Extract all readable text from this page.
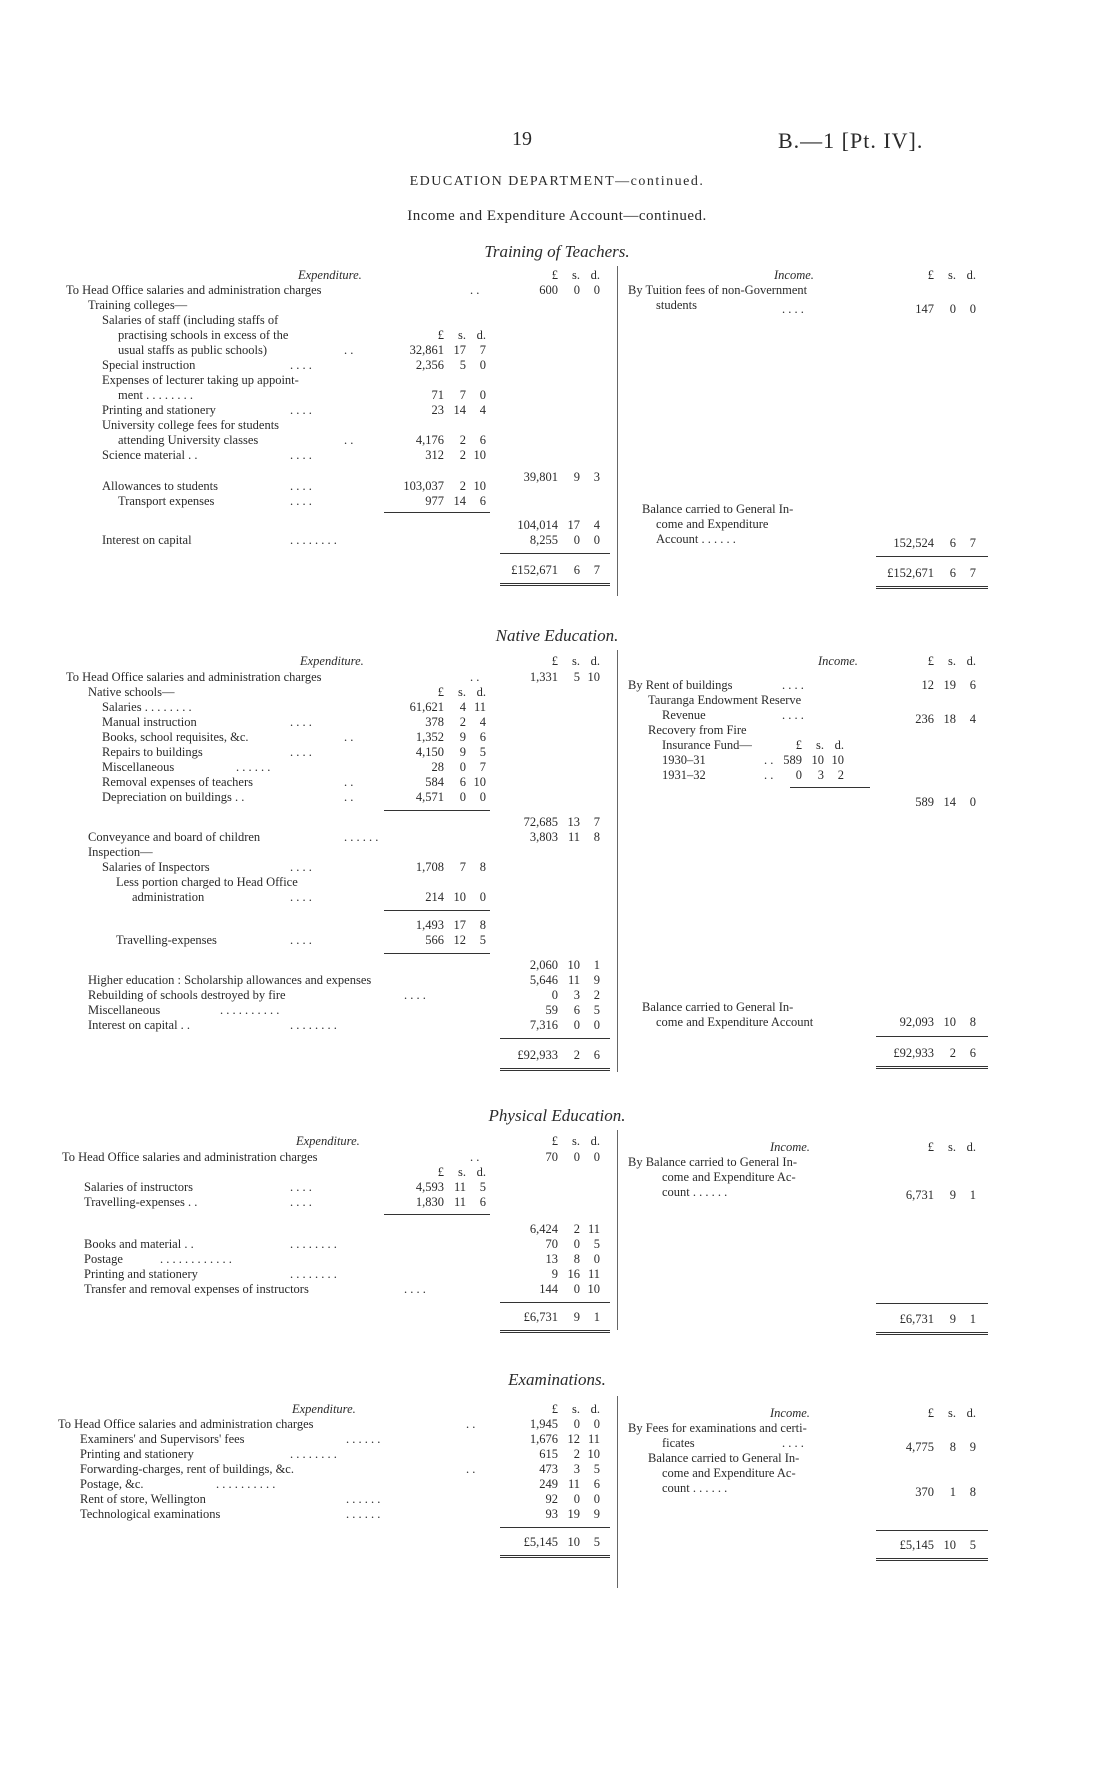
19	B.—1 [Pt. IV].
EDUCATION DEPARTMENT—continued.
Income and Expenditure Account—continued.
Training of Teachers.
Expenditure.	Income.
£	s. d.	£	s. d.
To Head Office salaries and administration charges	. .	600	0	0
Training colleges—
Salaries of staff (including staffs of
practising schools in excess of the	£	s. d.
usual staffs as public schools)	. .	32,861 17	7
Special instruction	. . . .	2,356	5	0
Expenses of lecturer taking up appoint-
ment . . . . . . . .	71	7	0
Printing and stationery	. . . .	23 14	4
University college fees for students
attending University classes	. .	4,176	2	6
Science material . .	. . . .	312	2 10
39,801	9	3
Allowances to students	. . . .	103,037	2 10
Transport expenses	. . . .	977 14	6
104,014 17	4
Interest on capital	. . . . . . . .	8,255	0	0
£152,671	6	7
By Tuition fees of non-Government
students	. . . .	147	0	0
Balance carried to General In-
come and Expenditure
Account . . . . . .	152,524	6	7
£152,671	6	7
Native Education.
Expenditure.	Income.
£	s. d.	£	s. d.
To Head Office salaries and administration charges	. .	1,331	5 10
Native schools—	£	s. d.
Salaries . . . . . . . .	61,621	4 11
Manual instruction	. . . .	378	2	4
Books, school requisites, &c.	. .	1,352	9	6
Repairs to buildings	. . . .	4,150	9	5
Miscellaneous	. . . . . .	28	0	7
Removal expenses of teachers	. .	584	6 10
Depreciation on buildings . .	. .	4,571	0	0
72,685 13	7
Conveyance and board of children	. . . . . .	3,803 11	8
Inspection—
Salaries of Inspectors	. . . .	1,708	7	8
Less portion charged to Head Office
administration	. . . .	214 10	0
1,493 17	8
Travelling-expenses	. . . .	566 12	5
2,060 10	1
Higher education : Scholarship allowances and expenses	5,646 11	9
Rebuilding of schools destroyed by fire	. . . .	0	3	2
Miscellaneous	. . . . . . . . . .	59	6	5
Interest on capital . .	. . . . . . . .	7,316	0	0
£92,933	2	6
By Rent of buildings	. . . .	12 19	6
Tauranga Endowment Reserve
Revenue	. . . .	236 18	4
Recovery from Fire
Insurance Fund—	£	s. d.
1930–31	. . 589 10 10
1931–32	. .	0	3	2
589 14	0
Balance carried to General In-
come and Expenditure Account	92,093 10	8
£92,933	2	6
Physical Education.
Expenditure.	Income.
£	s. d.	£	s. d.
To Head Office salaries and administration charges	. .	70	0	0
£	s. d.
Salaries of instructors	. . . .	4,593 11	5
Travelling-expenses . .	. . . .	1,830 11	6
6,424	2 11
Books and material . .	. . . . . . . .	70	0	5
Postage	. . . . . . . . . . . .	13	8	0
Printing and stationery	. . . . . . . .	9 16 11
Transfer and removal expenses of instructors	. . . .	144	0 10
£6,731	9	1
By Balance carried to General In-
come and Expenditure Ac-
count . . . . . .	6,731	9	1
£6,731	9	1
Examinations.
Expenditure.	Income.
£	s. d.	£	s. d.
To Head Office salaries and administration charges	. .	1,945	0	0
Examiners' and Supervisors' fees	. . . . . .	1,676 12 11
Printing and stationery	. . . . . . . .	615	2 10
Forwarding-charges, rent of buildings, &c.	. .	473	3	5
Postage, &c.	. . . . . . . . . .	249 11	6
Rent of store, Wellington	. . . . . .	92	0	0
Technological examinations	. . . . . .	93 19	9
£5,145 10	5
By Fees for examinations and certi-
ficates	. . . .	4,775	8	9
Balance carried to General In-
come and Expenditure Ac-
count . . . . . .	370	1	8
£5,145 10	5
